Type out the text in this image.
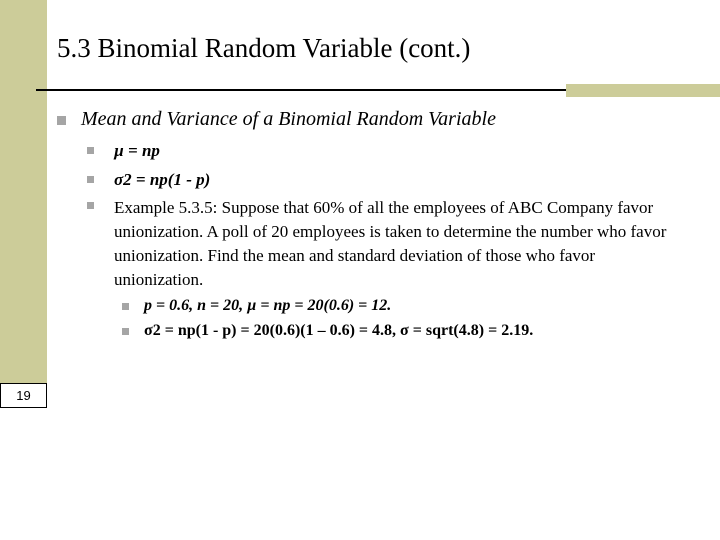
19
5.3 Binomial Random Variable (cont.)
Mean and Variance of a Binomial Random Variable
µ = np
σ2 = np(1 - p)
Example 5.3.5: Suppose that 60% of all the employees of ABC Company favor unionization. A poll of 20 employees is taken to determine the number who favor unionization. Find the mean and standard deviation of those who favor unionization.
p = 0.6, n = 20, µ = np = 20(0.6) = 12.
σ2 = np(1 - p) = 20(0.6)(1 – 0.6) = 4.8, σ = sqrt(4.8) = 2.19.
